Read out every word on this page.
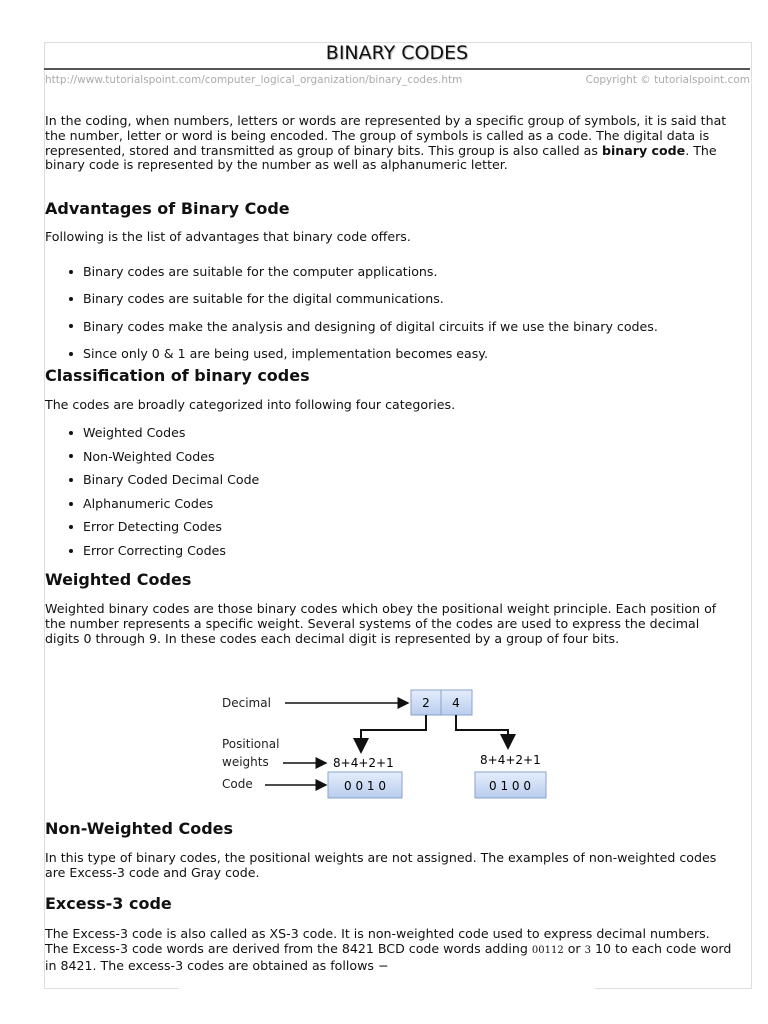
BINARY CODES
http://www.tutorialspoint.com/computer_logical_organization/binary_codes.htm	Copyright © tutorialspoint.com
In the coding, when numbers, letters or words are represented by a specific group of symbols, it is said that the number, letter or word is being encoded. The group of symbols is called as a code. The digital data is represented, stored and transmitted as group of binary bits. This group is also called as binary code. The binary code is represented by the number as well as alphanumeric letter.
Advantages of Binary Code
Following is the list of advantages that binary code offers.
Binary codes are suitable for the computer applications.
Binary codes are suitable for the digital communications.
Binary codes make the analysis and designing of digital circuits if we use the binary codes.
Since only 0 & 1 are being used, implementation becomes easy.
Classification of binary codes
The codes are broadly categorized into following four categories.
Weighted Codes
Non-Weighted Codes
Binary Coded Decimal Code
Alphanumeric Codes
Error Detecting Codes
Error Correcting Codes
Weighted Codes
Weighted binary codes are those binary codes which obey the positional weight principle. Each position of the number represents a specific weight. Several systems of the codes are used to express the decimal digits 0 through 9. In these codes each decimal digit is represented by a group of four bits.
Decimal	2 4
Positional
weights	8+4+2+1	8+4+2+1
Code	0 0 1 0	0 1 0 0
Non-Weighted Codes
In this type of binary codes, the positional weights are not assigned. The examples of non-weighted codes are Excess-3 code and Gray code.
Excess-3 code
The Excess-3 code is also called as XS-3 code. It is non-weighted code used to express decimal numbers. The Excess-3 code words are derived from the 8421 BCD code words adding 00112 or 3 10 to each code word in 8421. The excess-3 codes are obtained as follows −
